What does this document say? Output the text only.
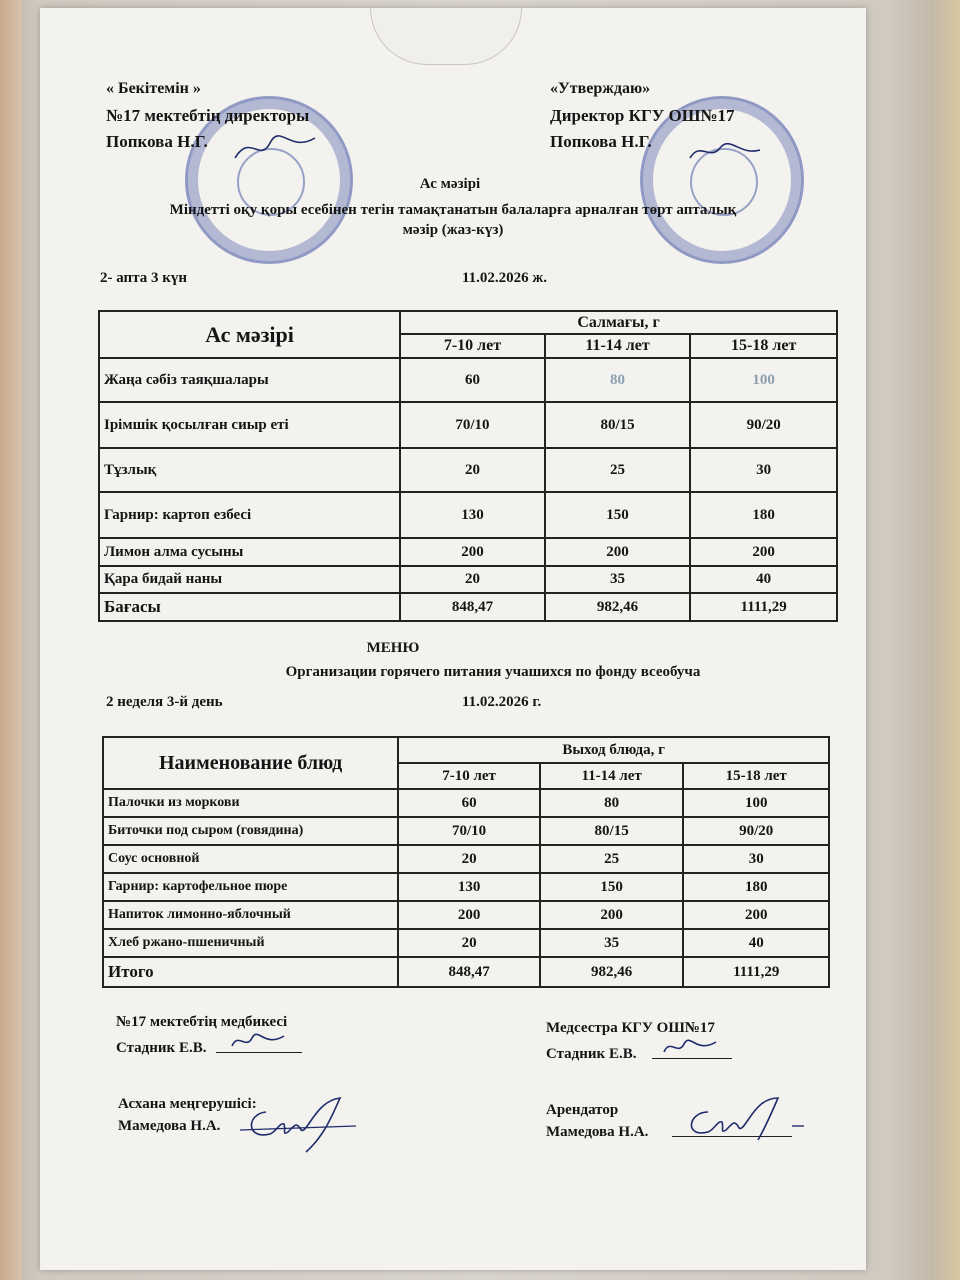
« Бекітемін »
№17 мектебтің директоры
Попкова Н.Г.
«Утверждаю»
Директор КГУ ОШ№17
Попкова Н.Г.
Ас мәзірі
Міндетті оқу қоры есебінен тегін тамақтанатын балаларға арналған төрт апталық
мәзір (жаз-күз)
2- апта 3 күн	11.02.2026 ж.
Ас мәзірі	Салмағы, г		
	7-10 лет	11-14 лет	15-18 лет
Жаңа сәбіз таяқшалары	60	80	100
Ірімшік қосылған сиыр еті	70/10	80/15	90/20
Тұзлық	20	25	30
Гарнир: картоп езбесі	130	150	180
Лимон алма сусыны	200	200	200
Қара бидай наны	20	35	40
Бағасы	848,47	982,46	1111,29
МЕНЮ
Организации горячего питания учашихся по фонду всеобуча
2 неделя 3-й день	11.02.2026 г.
Наименование блюд	Выход блюда, г		
	7-10 лет	11-14 лет	15-18 лет
Палочки из моркови	60	80	100
Биточки под сыром (говядина)	70/10	80/15	90/20
Соус основной	20	25	30
Гарнир: картофельное пюре	130	150	180
Напиток лимонно-яблочный	200	200	200
Хлеб ржано-пшеничный	20	35	40
Итого	848,47	982,46	1111,29
№17 мектебтің медбикесі
Стадник Е.В.
Медсестра КГУ ОШ№17
Стадник Е.В.
Асхана меңгерушісі:
Мамедова Н.А.
Арендатор
Мамедова Н.А.
